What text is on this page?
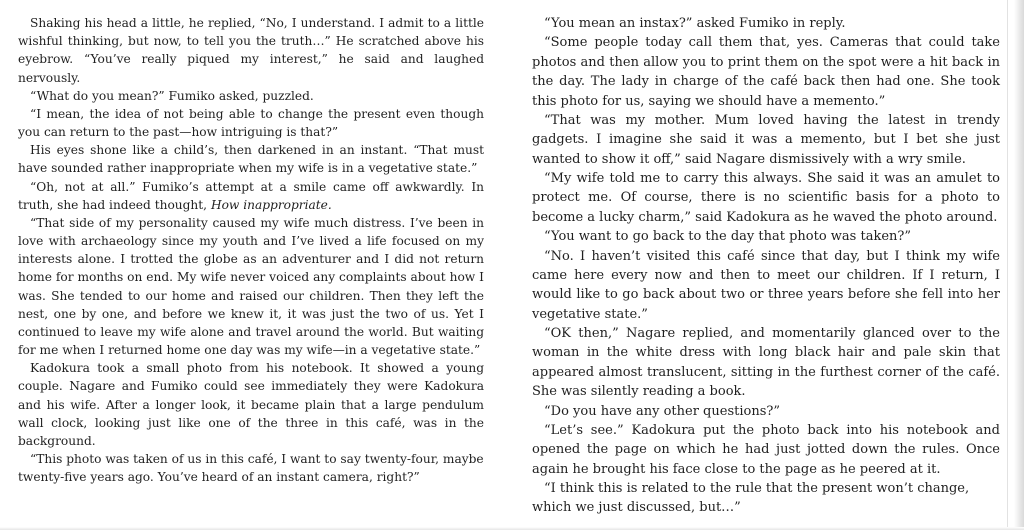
Shaking his head a little, he replied, “No, I understand. I admit to a little wishful thinking, but now, to tell you the truth…” He scratched above his eyebrow. “You’ve really piqued my interest,” he said and laughed nervously.

“What do you mean?” Fumiko asked, puzzled.

“I mean, the idea of not being able to change the present even though you can return to the past—how intriguing is that?”

His eyes shone like a child’s, then darkened in an instant. “That must have sounded rather inappropriate when my wife is in a vegetative state.”

“Oh, not at all.” Fumiko’s attempt at a smile came off awkwardly. In truth, she had indeed thought, How inappropriate.

“That side of my personality caused my wife much distress. I’ve been in love with archaeology since my youth and I’ve lived a life focused on my interests alone. I trotted the globe as an adventurer and I did not return home for months on end. My wife never voiced any complaints about how I was. She tended to our home and raised our children. Then they left the nest, one by one, and before we knew it, it was just the two of us. Yet I continued to leave my wife alone and travel around the world. But waiting for me when I returned home one day was my wife—in a vegetative state.”

Kadokura took a small photo from his notebook. It showed a young couple. Nagare and Fumiko could see immediately they were Kadokura and his wife. After a longer look, it became plain that a large pendulum wall clock, looking just like one of the three in this café, was in the background.

“This photo was taken of us in this café, I want to say twenty-four, maybe twenty-five years ago. You’ve heard of an instant camera, right?”

“You mean an instax?” asked Fumiko in reply.

“Some people today call them that, yes. Cameras that could take photos and then allow you to print them on the spot were a hit back in the day. The lady in charge of the café back then had one. She took this photo for us, saying we should have a memento.”

“That was my mother. Mum loved having the latest in trendy gadgets. I imagine she said it was a memento, but I bet she just wanted to show it off,” said Nagare dismissively with a wry smile.

“My wife told me to carry this always. She said it was an amulet to protect me. Of course, there is no scientific basis for a photo to become a lucky charm,” said Kadokura as he waved the photo around.

“You want to go back to the day that photo was taken?”

“No. I haven’t visited this café since that day, but I think my wife came here every now and then to meet our children. If I return, I would like to go back about two or three years before she fell into her vegetative state.”

“OK then,” Nagare replied, and momentarily glanced over to the woman in the white dress with long black hair and pale skin that appeared almost translucent, sitting in the furthest corner of the café. She was silently reading a book.

“Do you have any other questions?”

“Let’s see.” Kadokura put the photo back into his notebook and opened the page on which he had just jotted down the rules. Once again he brought his face close to the page as he peered at it.

“I think this is related to the rule that the present won’t change, which we just discussed, but…”
